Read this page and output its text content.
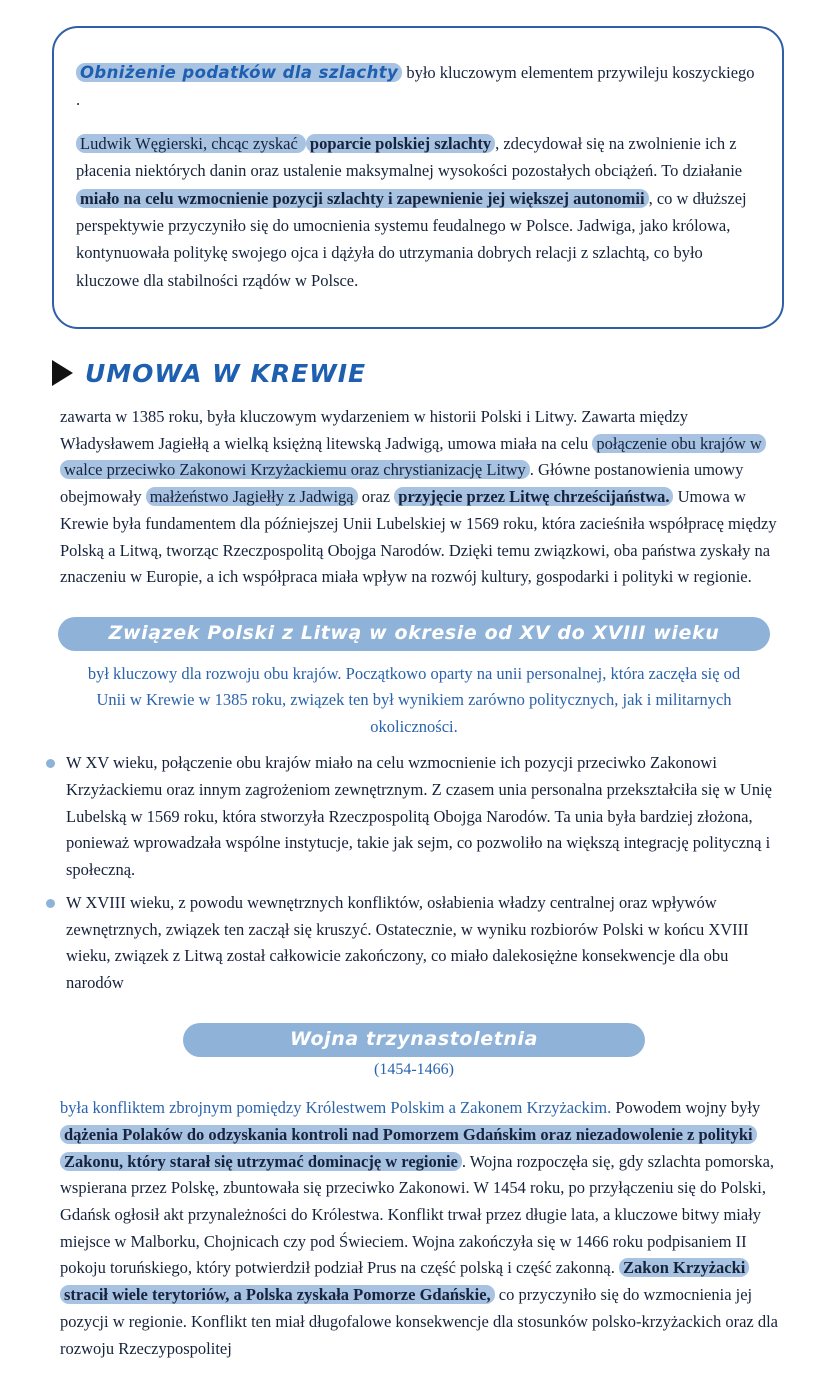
Obniżenie podatków dla szlachty było kluczowym elementem przywileju koszyckiego .

Ludwik Węgierski, chcąc zyskać poparcie polskiej szlachty , zdecydował się na zwolnienie ich z płacenia niektórych danin oraz ustalenie maksymalnej wysokości pozostałych obciążeń. To działanie miało na celu wzmocnienie pozycji szlachty i zapewnienie jej większej autonomii , co w dłuższej perspektywie przyczyniło się do umocnienia systemu feudalnego w Polsce. Jadwiga, jako królowa, kontynuowała politykę swojego ojca i dążyła do utrzymania dobrych relacji z szlachtą, co było kluczowe dla stabilności rządów w Polsce.

UMOWA W KREWIE

zawarta w 1385 roku, była kluczowym wydarzeniem w historii Polski i Litwy. Zawarta między Władysławem Jagiełłą a wielką księżną litewską Jadwigą, umowa miała na celu połączenie obu krajów w walce przeciwko Zakonowi Krzyżackiemu oraz chrystianizację Litwy . Główne postanowienia umowy obejmowały małżeństwo Jagiełły z Jadwigą oraz przyjęcie przez Litwę chrześcijaństwa. Umowa w Krewie była fundamentem dla późniejszej Unii Lubelskiej w 1569 roku, która zacieśniła współpracę między Polską a Litwą, tworząc Rzeczpospolitą Obojga Narodów. Dzięki temu związkowi, oba państwa zyskały na znaczeniu w Europie, a ich współpraca miała wpływ na rozwój kultury, gospodarki i polityki w regionie.

Związek Polski z Litwą w okresie od XV do XVIII wieku

był kluczowy dla rozwoju obu krajów. Początkowo oparty na unii personalnej, która zaczęła się od Unii w Krewie w 1385 roku, związek ten był wynikiem zarówno politycznych, jak i militarnych okoliczności.

W XV wieku, połączenie obu krajów miało na celu wzmocnienie ich pozycji przeciwko Zakonowi Krzyżackiemu oraz innym zagrożeniom zewnętrznym. Z czasem unia personalna przekształciła się w Unię Lubelską w 1569 roku, która stworzyła Rzeczpospolitą Obojga Narodów. Ta unia była bardziej złożona, ponieważ wprowadzała wspólne instytucje, takie jak sejm, co pozwoliło na większą integrację polityczną i społeczną.
W XVIII wieku, z powodu wewnętrznych konfliktów, osłabienia władzy centralnej oraz wpływów zewnętrznych, związek ten zaczął się kruszyć. Ostatecznie, w wyniku rozbiorów Polski w końcu XVIII wieku, związek z Litwą został całkowicie zakończony, co miało dalekosiężne konsekwencje dla obu narodów
Wojna trzynastoletnia
(1454-1466)

była konfliktem zbrojnym pomiędzy Królestwem Polskim a Zakonem Krzyżackim. Powodem wojny były dążenia Polaków do odzyskania kontroli nad Pomorzem Gdańskim oraz niezadowolenie z polityki Zakonu, który starał się utrzymać dominację w regionie . Wojna rozpoczęła się, gdy szlachta pomorska, wspierana przez Polskę, zbuntowała się przeciwko Zakonowi. W 1454 roku, po przyłączeniu się do Polski, Gdańsk ogłosił akt przynależności do Królestwa. Konflikt trwał przez długie lata, a kluczowe bitwy miały miejsce w Malborku, Chojnicach czy pod Świeciem. Wojna zakończyła się w 1466 roku podpisaniem II pokoju toruńskiego, który potwierdził podział Prus na część polską i część zakonną. Zakon Krzyżacki stracił wiele terytoriów, a Polska zyskała Pomorze Gdańskie, co przyczyniło się do wzmocnienia jej pozycji w regionie. Konflikt ten miał długofalowe konsekwencje dla stosunków polsko-krzyżackich oraz dla rozwoju Rzeczypospolitej
